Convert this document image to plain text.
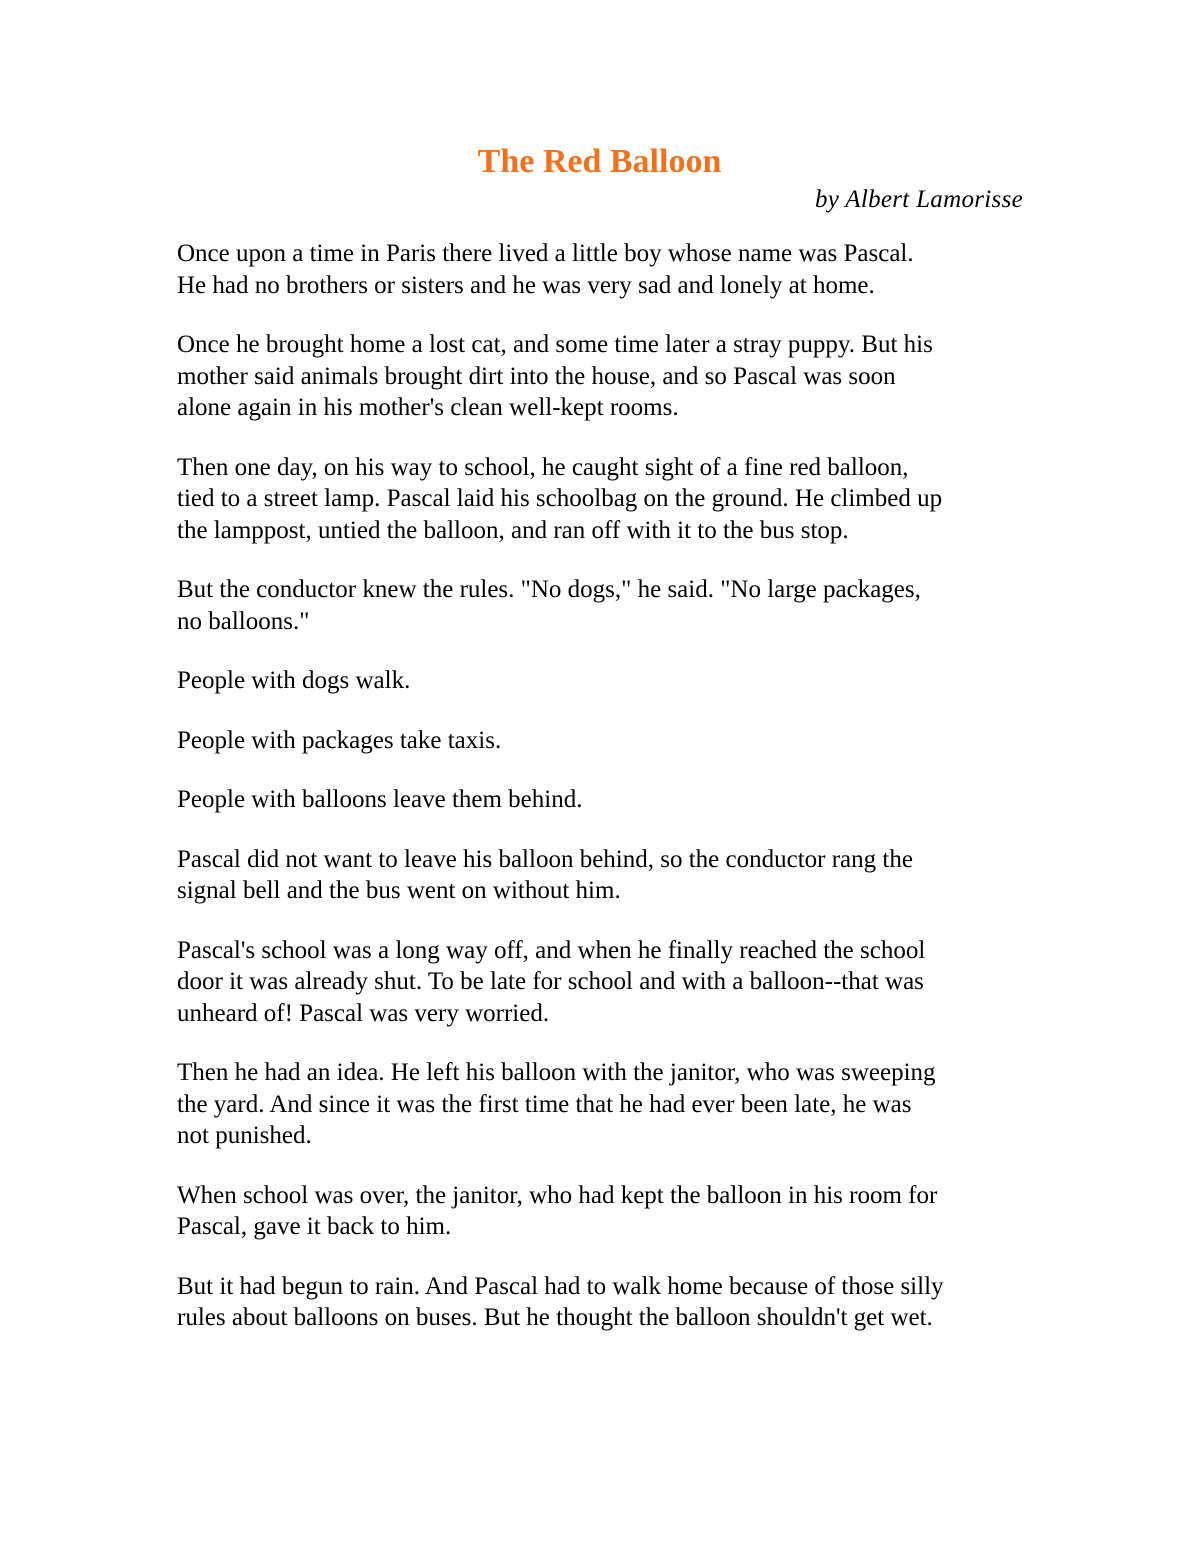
The Red Balloon
by Albert Lamorisse
Once upon a time in Paris there lived a little boy whose name was Pascal.
He had no brothers or sisters and he was very sad and lonely at home.
Once he brought home a lost cat, and some time later a stray puppy. But his
mother said animals brought dirt into the house, and so Pascal was soon
alone again in his mother's clean well-kept rooms.
Then one day, on his way to school, he caught sight of a fine red balloon,
tied to a street lamp. Pascal laid his schoolbag on the ground. He climbed up
the lamppost, untied the balloon, and ran off with it to the bus stop.
But the conductor knew the rules. "No dogs," he said. "No large packages,
no balloons."
People with dogs walk.
People with packages take taxis.
People with balloons leave them behind.
Pascal did not want to leave his balloon behind, so the conductor rang the
signal bell and the bus went on without him.
Pascal's school was a long way off, and when he finally reached the school
door it was already shut. To be late for school and with a balloon--that was
unheard of! Pascal was very worried.
Then he had an idea. He left his balloon with the janitor, who was sweeping
the yard. And since it was the first time that he had ever been late, he was
not punished.
When school was over, the janitor, who had kept the balloon in his room for
Pascal, gave it back to him.
But it had begun to rain. And Pascal had to walk home because of those silly
rules about balloons on buses. But he thought the balloon shouldn't get wet.
